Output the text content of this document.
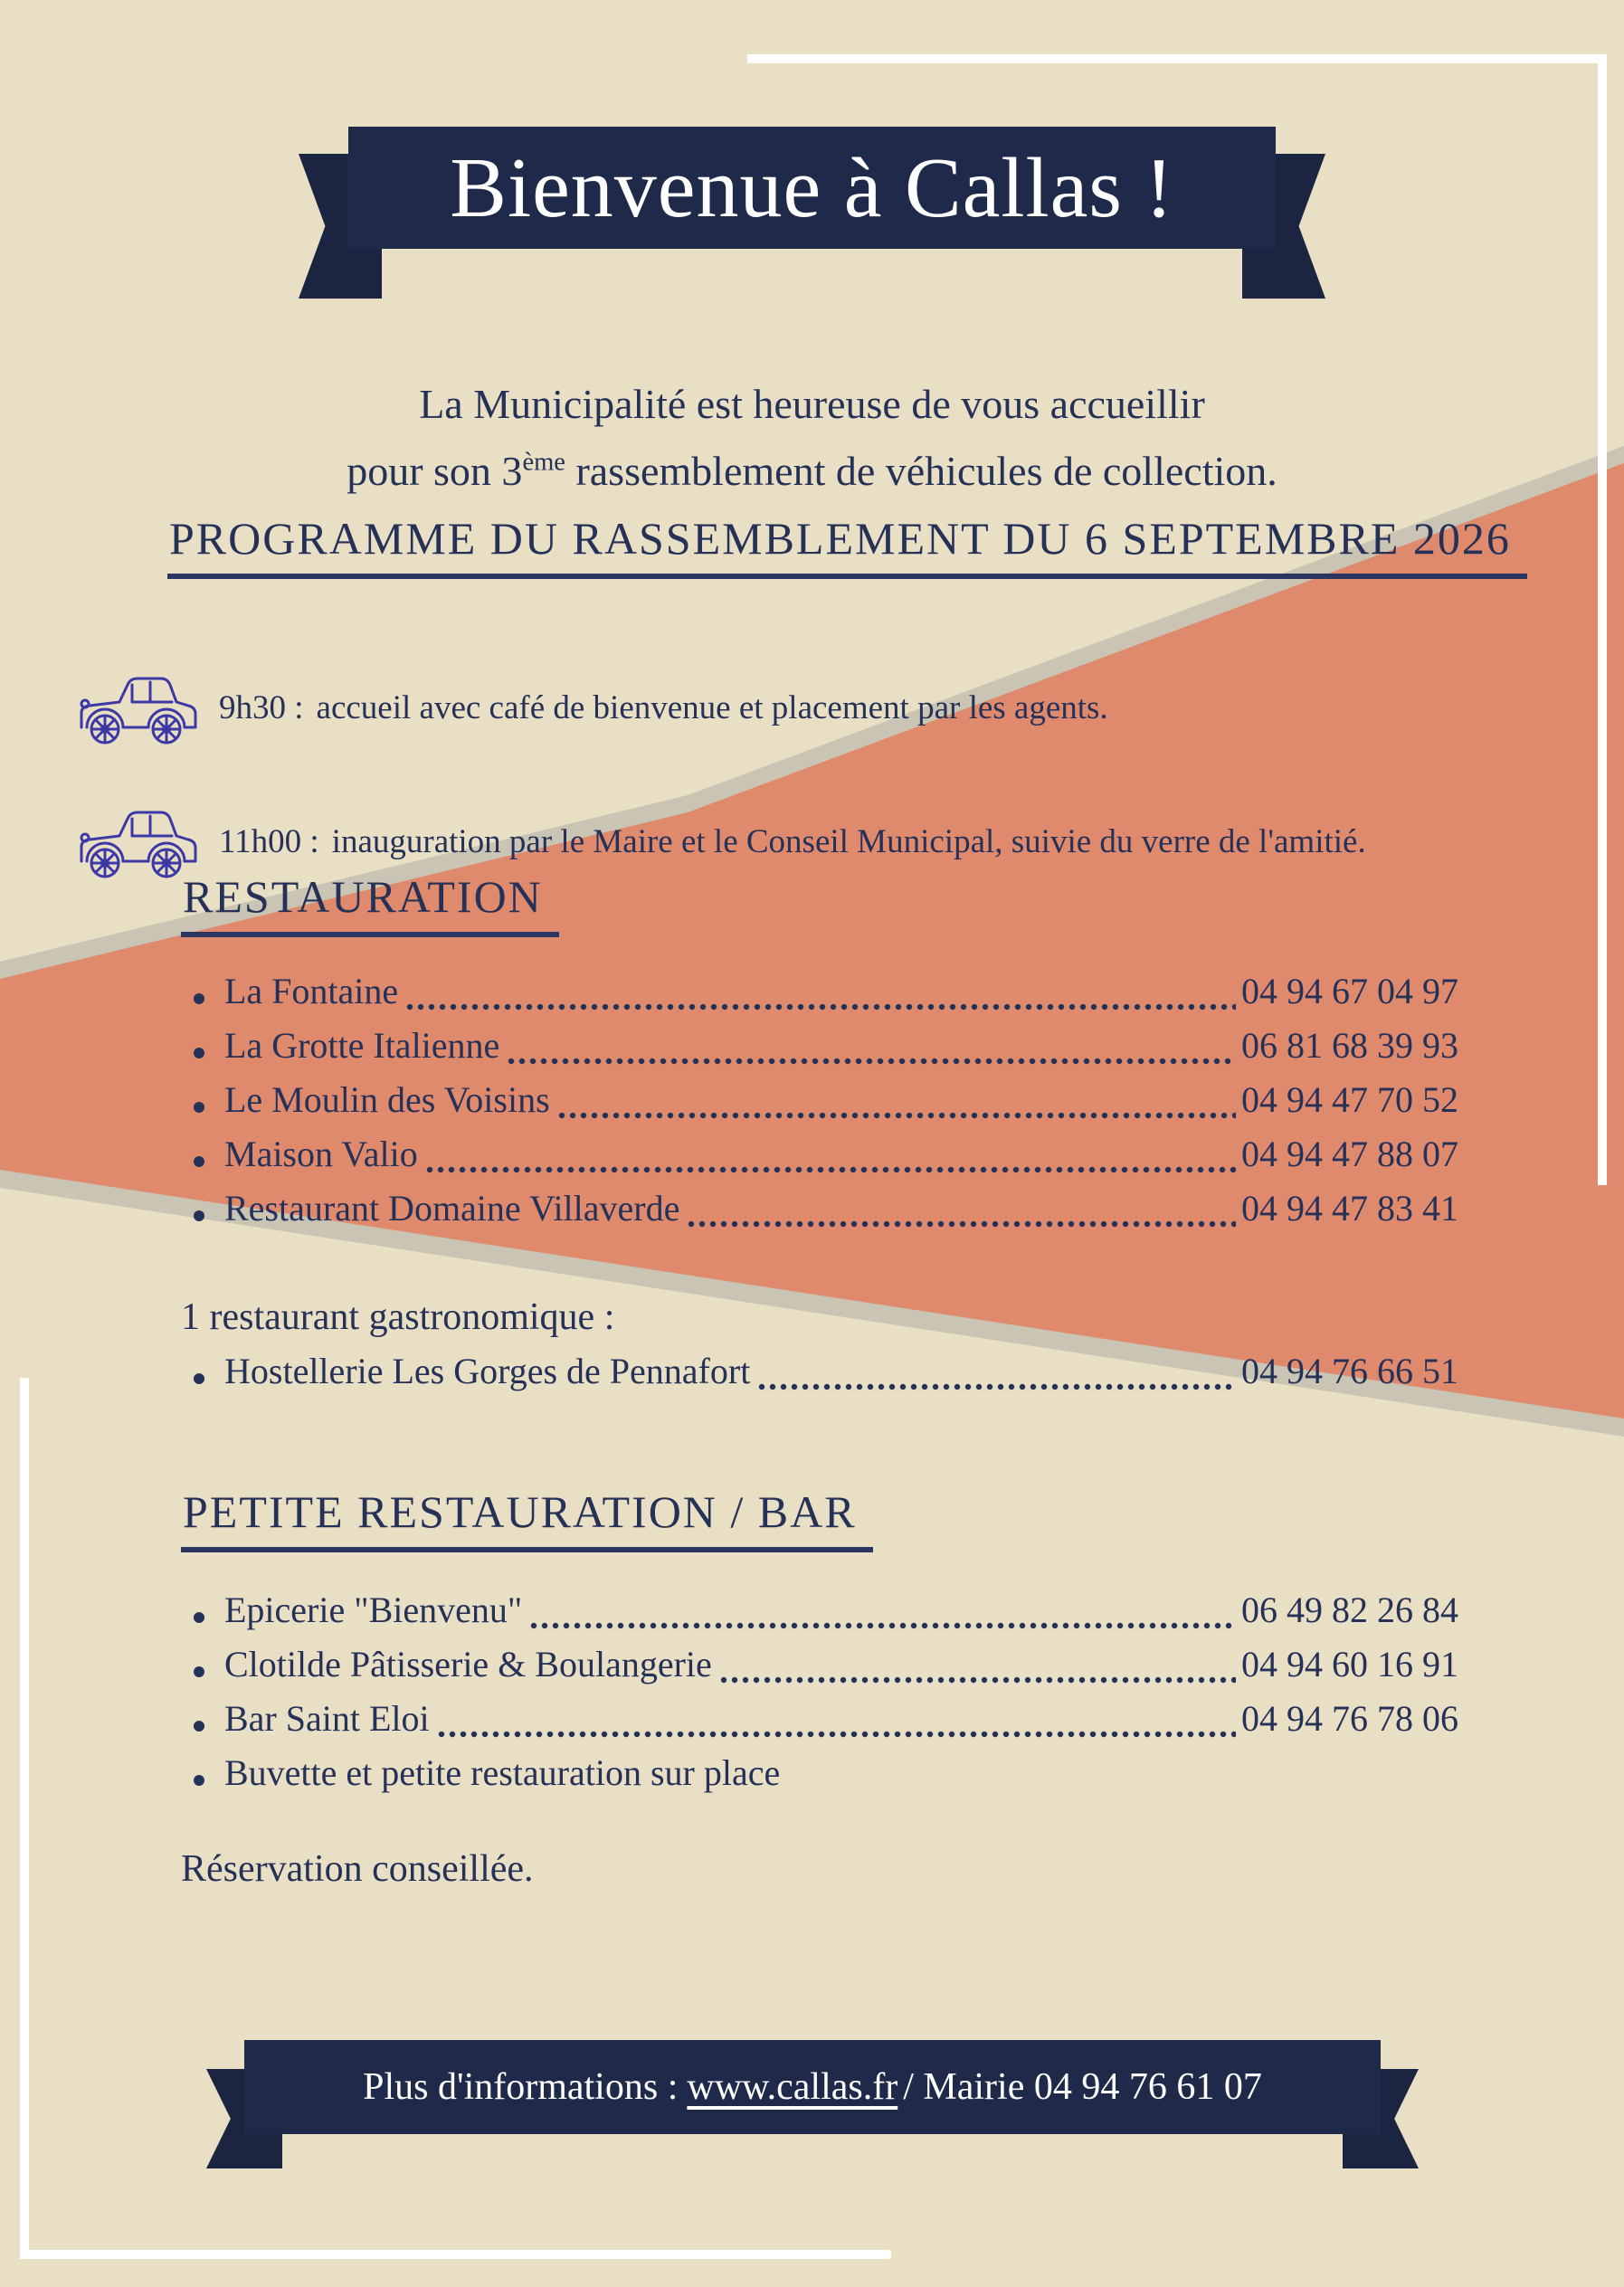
Bienvenue à Callas !
La Municipalité est heureuse de vous accueillir
pour son 3ème rassemblement de véhicules de collection.
PROGRAMME DU RASSEMBLEMENT DU 6 SEPTEMBRE 2026
9h30 : accueil avec café de bienvenue et placement par les agents.
11h00 : inauguration par le Maire et le Conseil Municipal, suivie du verre de l'amitié.
RESTAURATION
La Fontaine	04 94 67 04 97
La Grotte Italienne	06 81 68 39 93
Le Moulin des Voisins	04 94 47 70 52
Maison Valio	04 94 47 88 07
Restaurant Domaine Villaverde	04 94 47 83 41
1 restaurant gastronomique :
Hostellerie Les Gorges de Pennafort	04 94 76 66 51
PETITE RESTAURATION / BAR
Epicerie "Bienvenu"	06 49 82 26 84
Clotilde Pâtisserie & Boulangerie	04 94 60 16 91
Bar Saint Eloi	04 94 76 78 06
Buvette et petite restauration sur place
Réservation conseillée.
Plus d'informations : www.callas.fr / Mairie 04 94 76 61 07
